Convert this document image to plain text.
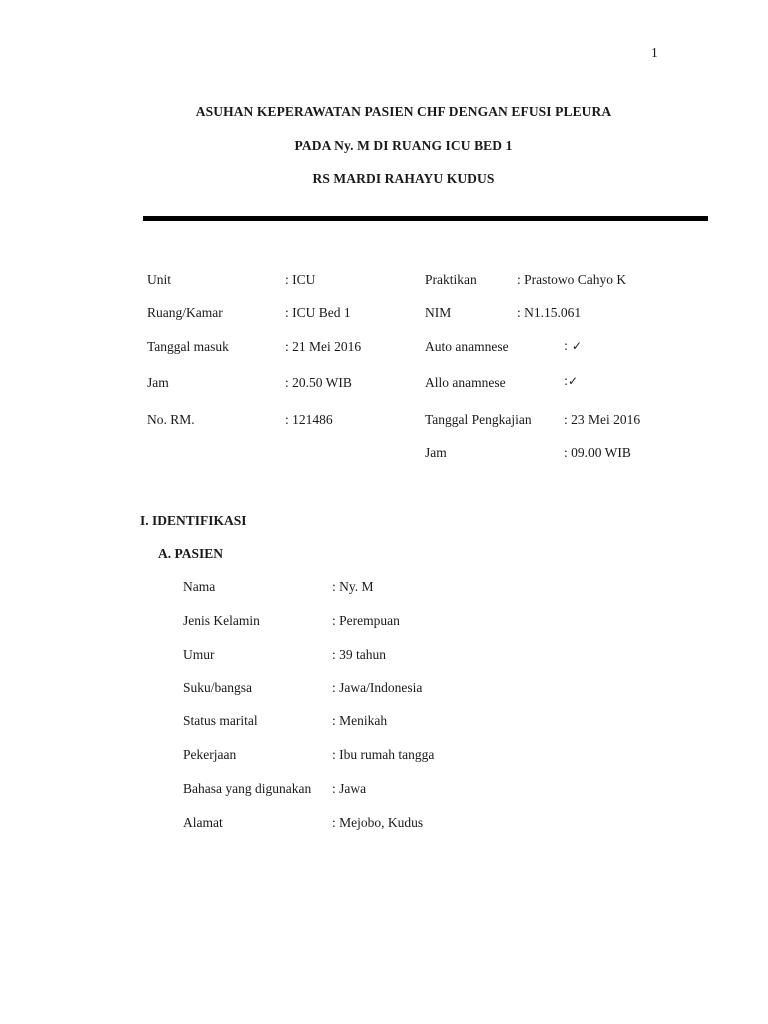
1
ASUHAN KEPERAWATAN PASIEN CHF DENGAN EFUSI PLEURA
PADA Ny. M DI RUANG ICU BED 1
RS MARDI RAHAYU KUDUS
Unit	: ICU
Ruang/Kamar	: ICU Bed 1
Tanggal masuk	: 21 Mei 2016
Jam	: 20.50 WIB
No. RM.	: 121486
Praktikan	: Prastowo Cahyo K
NIM	: N1.15.061
Auto anamnese	: ✓
Allo anamnese	:✓
Tanggal Pengkajian : 23 Mei 2016
Jam	: 09.00 WIB
I. IDENTIFIKASI
A. PASIEN
Nama	: Ny. M
Jenis Kelamin	: Perempuan
Umur	: 39 tahun
Suku/bangsa	: Jawa/Indonesia
Status marital	: Menikah
Pekerjaan	: Ibu rumah tangga
Bahasa yang digunakan : Jawa
Alamat	: Mejobo, Kudus
